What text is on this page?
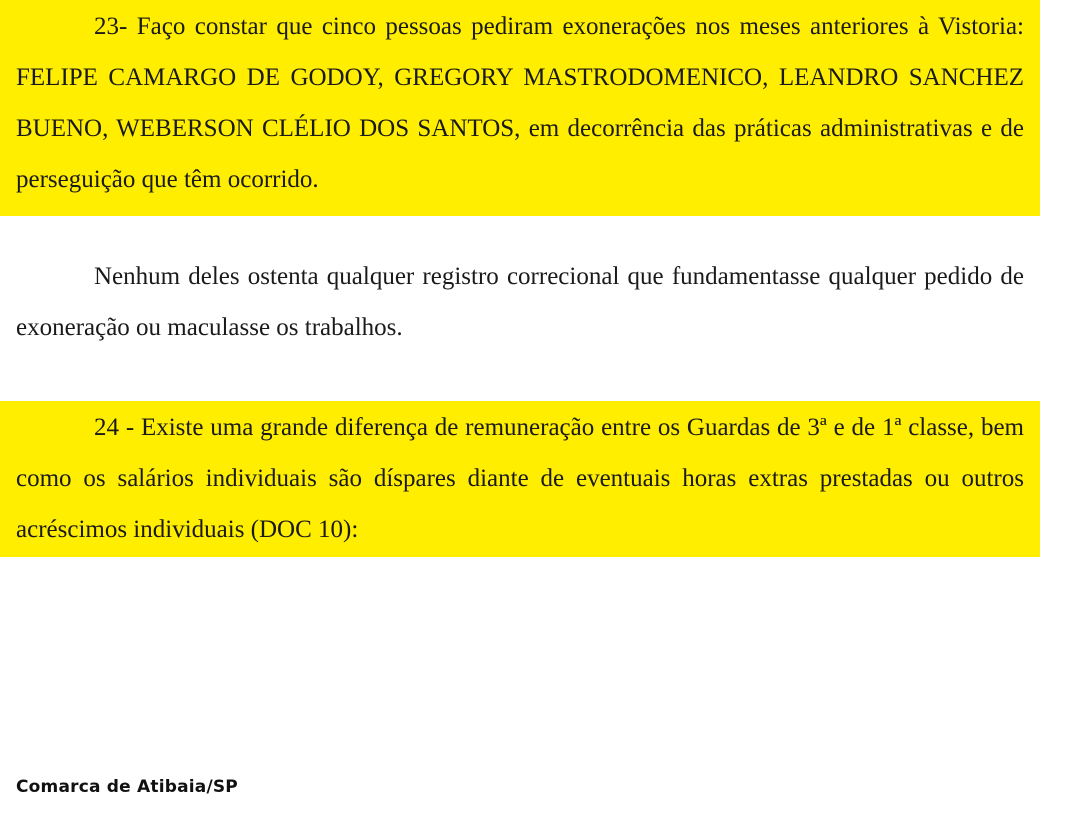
23- Faço constar que cinco pessoas pediram exonerações nos meses anteriores à Vistoria: FELIPE CAMARGO DE GODOY, GREGORY MASTRODOMENICO, LEANDRO SANCHEZ BUENO, WEBERSON CLÉLIO DOS SANTOS, em decorrência das práticas administrativas e de perseguição que têm ocorrido.

Nenhum deles ostenta qualquer registro correcional que fundamentasse qualquer pedido de exoneração ou maculasse os trabalhos.

24 - Existe uma grande diferença de remuneração entre os Guardas de 3ª e de 1ª classe, bem como os salários individuais são díspares diante de eventuais horas extras prestadas ou outros acréscimos individuais (DOC 10):

Comarca de Atibaia/SP
